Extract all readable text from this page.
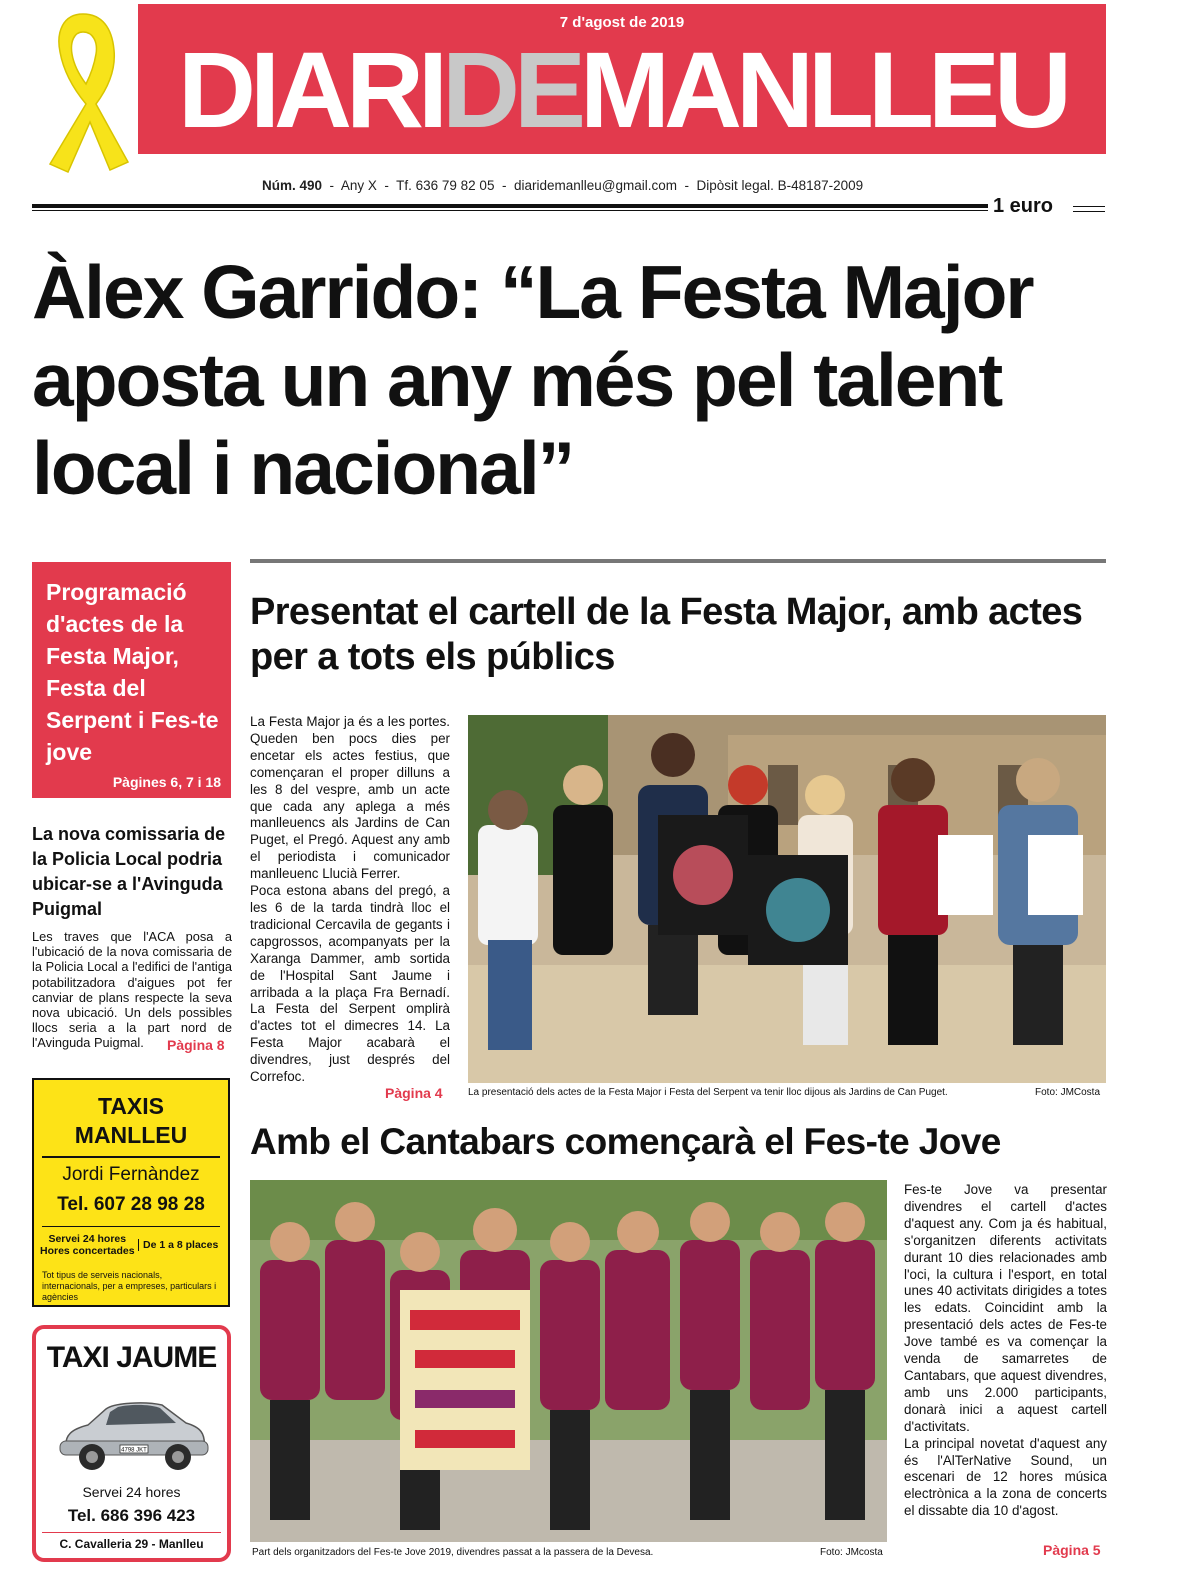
7 d'agost de 2019
DIARIDEMANLLEU
Núm. 490 - Any X - Tf. 636 79 82 05 - diaridemanlleu@gmail.com - Dipòsit legal. B-48187-2009
1 euro
Àlex Garrido: “La Festa Major aposta un any més pel talent local i nacional”
Programació d'actes de la Festa Major, Festa del Serpent i Fes-te jove
Pàgines 6, 7 i 18
La nova comissaria de la Policia Local podria ubicar-se a l'Avinguda Puigmal
Les traves que l'ACA posa a l'ubicació de la nova comissaria de la Policia Local a l'edifici de l'antiga potabilitzadora d'aigues pot fer canviar de plans respecte la seva nova ubicació. Un dels possibles llocs seria a la part nord de l'Avinguda Puigmal.	Pàgina 8
TAXIS
MANLLEU
Jordi Fernàndez
Tel. 607 28 98 28
Servei 24 hores
Hores concertades De 1 a 8 places
Tot tipus de serveis nacionals, internacionals, per a empreses, particulars i agències
TAXI JAUME
4798 JKT
Servei 24 hores
Tel. 686 396 423
C. Cavalleria 29 - Manlleu
Presentat el cartell de la Festa Major, amb actes per a tots els públics

La Festa Major ja és a les portes. Queden ben pocs dies per encetar els actes festius, que començaran el proper dilluns a les 8 del vespre, amb un acte que cada any aplega a més manlleuencs als Jardins de Can Puget, el Pregó. Aquest any amb el periodista i comunicador manlleuenc Llucià Ferrer.

Poca estona abans del pregó, a les 6 de la tarda tindrà lloc el tradicional Cercavila de gegants i capgrossos, acompanyats per la Xaranga Dammer, amb sortida de l'Hospital Sant Jaume i arribada a la plaça Fra Bernadí. La Festa del Serpent omplirà d'actes tot el dimecres 14. La Festa Major acabarà el divendres, just després del Correfoc.

Pàgina 4	La presentació dels actes de la Festa Major i Festa del Serpent va tenir lloc dijous als Jardins de Can Puget.	Foto: JMCosta
Amb el Cantabars començarà el Fes-te Jove
Part dels organitzadors del Fes-te Jove 2019, divendres passat a la passera de la Devesa.	Foto: JMcosta

Fes-te Jove va presentar divendres el cartell d'actes d'aquest any. Com ja és habitual, s'organitzen diferents activitats durant 10 dies relacionades amb l'oci, la cultura i l'esport, en total unes 40 activitats dirigides a totes les edats. Coincidint amb la presentació dels actes de Fes-te Jove també es va començar la venda de samarretes de Cantabars, que aquest divendres, amb uns 2.000 participants, donarà inici a aquest cartell d'activitats.

La principal novetat d'aquest any és l'AlTerNative Sound, un escenari de 12 hores música electrònica a la zona de concerts el dissabte dia 10 d'agost.

Pàgina 5
